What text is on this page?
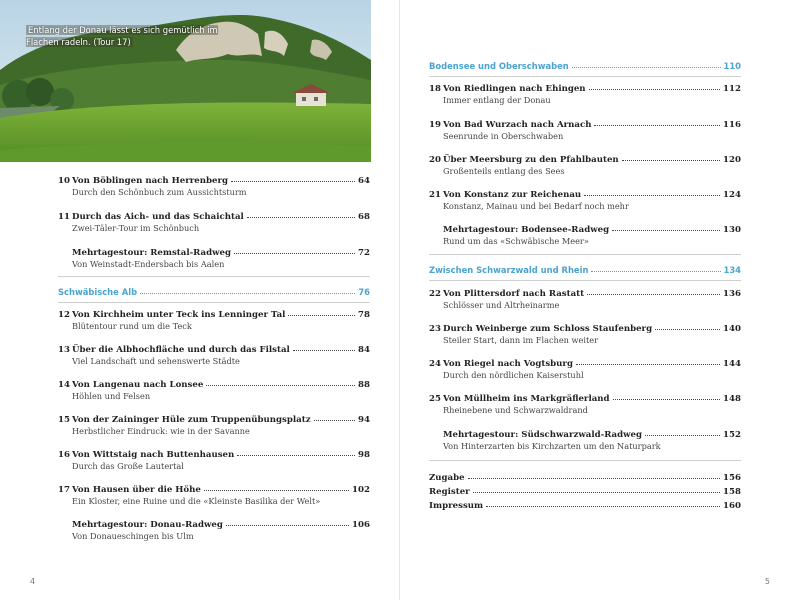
Entlang der Donau lässt es sich gemütlich im Flachen radeln. (Tour 17)
10 Von Böblingen nach Herrenberg	64
Durch den Schönbuch zum Aussichtsturm
11 Durch das Aich- und das Schaichtal	68
Zwei-Täler-Tour im Schönbuch
Mehrtagestour: Remstal-Radweg	72
Von Weinstadt-Endersbach bis Aalen
Schwäbische Alb	76
12 Von Kirchheim unter Teck ins Lenninger Tal	78
Blütentour rund um die Teck
13 Über die Albhochfläche und durch das Filstal	84
Viel Landschaft und sehenswerte Städte
14 Von Langenau nach Lonsee	88
Höhlen und Felsen
15 Von der Zaininger Hüle zum Truppenübungsplatz	94
Herbstlicher Eindruck: wie in der Savanne
16 Von Wittstaig nach Buttenhausen	98
Durch das Große Lautertal
17 Von Hausen über die Höhe	102
Ein Kloster, eine Ruine und die «Kleinste Basilika der Welt»
Mehrtagestour: Donau-Radweg	106
Von Donaueschingen bis Ulm
4
Bodensee und Oberschwaben	110
18 Von Riedlingen nach Ehingen	112
Immer entlang der Donau
19 Von Bad Wurzach nach Arnach	116
Seenrunde in Oberschwaben
20 Über Meersburg zu den Pfahlbauten	120
Großenteils entlang des Sees
21 Von Konstanz zur Reichenau	124
Konstanz, Mainau und bei Bedarf noch mehr
Mehrtagestour: Bodensee-Radweg	130
Rund um das «Schwäbische Meer»
Zwischen Schwarzwald und Rhein	134
22 Von Plittersdorf nach Rastatt	136
Schlösser und Altrheinarme
23 Durch Weinberge zum Schloss Staufenberg	140
Steiler Start, dann im Flachen weiter
24 Von Riegel nach Vogtsburg	144
Durch den nördlichen Kaiserstuhl
25 Von Müllheim ins Markgräflerland	148
Rheinebene und Schwarzwaldrand
Mehrtagestour: Südschwarzwald-Radweg	152
Von Hinterzarten bis Kirchzarten um den Naturpark
Zugabe	156
Register	158
Impressum	160
5
